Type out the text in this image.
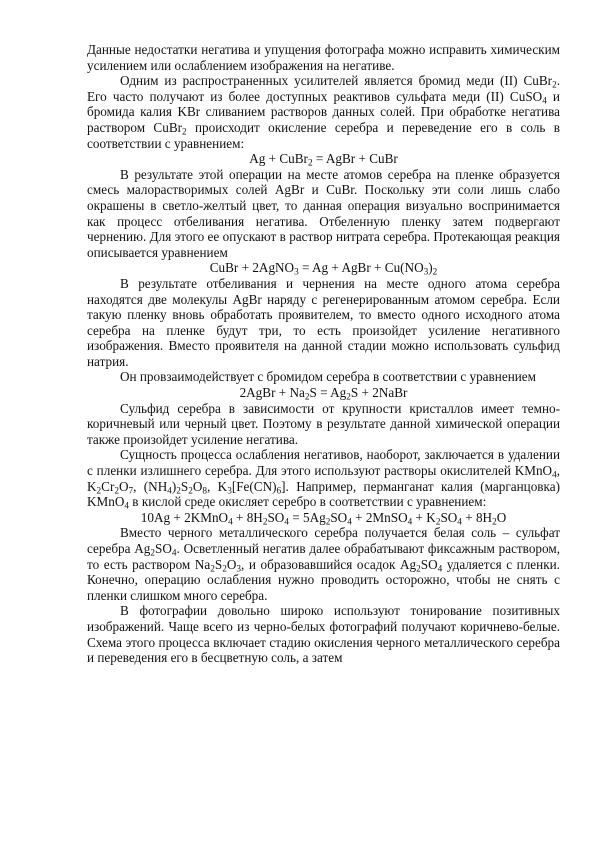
Данные недостатки негатива и упущения фотографа можно исправить химическим усилением или ослаблением изображения на негативе.

Одним из распространенных усилителей является бромид меди (II) CuBr$_2$. Его часто получают из более доступных реактивов сульфата меди (II) CuSO$_4$ и бромида калия KBr сливанием растворов данных солей. При обработке негатива раствором CuBr$_2$ происходит окисление серебра и переведение его в соль в соответствии с уравнением:

Ag + CuBr$_2$ = AgBr + CuBr

В результате этой операции на месте атомов серебра на пленке образуется смесь малорастворимых солей AgBr и CuBr. Поскольку эти соли лишь слабо окрашены в светло-желтый цвет, то данная операция визуально воспринимается как процесс отбеливания негатива. Отбеленную пленку затем подвергают чернению. Для этого ее опускают в раствор нитрата серебра. Протекающая реакция описывается уравнением

CuBr + 2AgNO$_3$ = Ag + AgBr + $Cu(NO_3)_2$

В результате отбеливания и чернения на месте одного атома серебра находятся две молекулы AgBr наряду с регенерированным атомом серебра. Если такую пленку вновь обработать проявителем, то вместо одного исходного атома серебра на пленке будут три, то есть произойдет усиление негативного изображения. Вместо проявителя на данной стадии можно использовать сульфид натрия.

Он провзаимодействует с бромидом серебра в соответствии с уравнением

2AgBr + $Na_2S = Ag_2S$ + 2NaBr

Сульфид серебра в зависимости от крупности кристаллов имеет темно-коричневый или черный цвет. Поэтому в результате данной химической операции также произойдет усиление негатива.

Сущность процесса ослабления негативов, наоборот, заключается в удалении с пленки излишнего серебра. Для этого используют растворы окислителей KMnO$_4$, $K_2Cr_2O_7$, $(NH_4)_2S_2O_8$, $K_3[Fe(CN)_6]$. Например, перманганат калия (марганцовка) KMnO$_4$ в кислой среде окисляет серебро в соответствии с уравнением:

10Ag + 2KMnO$_4$ + $8H_2SO_4 = 5Ag_2SO_4$ + 2MnSO$_4$ + $K_2SO_4 + 8H_2O$

Вместо черного металлического серебра получается белая соль – сульфат серебра $Ag_2SO_4$. Осветленный негатив далее обрабатывают фиксажным раствором, то есть раствором $Na_2S_2O_3$, и образовавшийся осадок $Ag_2SO_4$ удаляется с пленки. Конечно, операцию ослабления нужно проводить осторожно, чтобы не снять с пленки слишком много серебра.

В фотографии довольно широко используют тонирование позитивных изображений. Чаще всего из черно-белых фотографий получают коричнево-белые. Схема этого процесса включает стадию окисления черного металлического серебра и переведения его в бесцветную соль, а затем
